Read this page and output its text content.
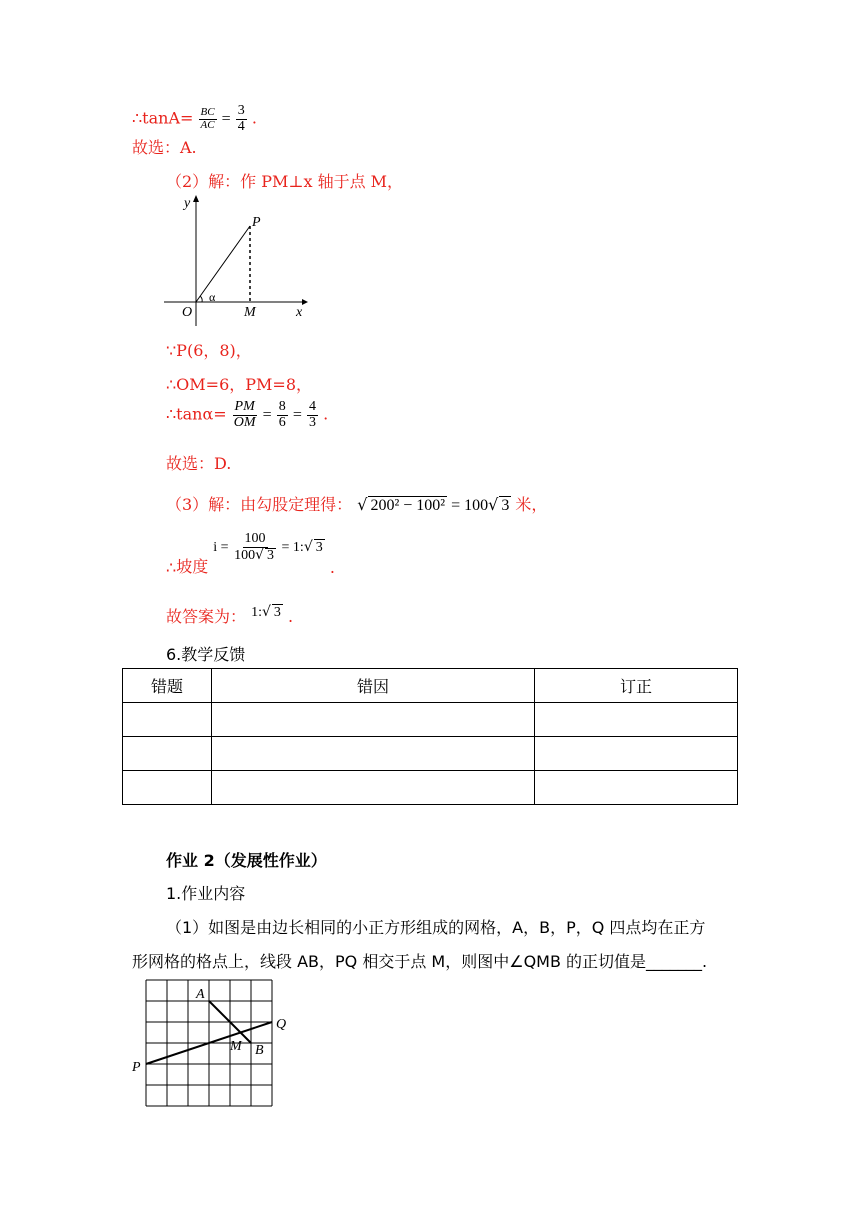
∴tanA= $\frac{BC}{AC} = \frac{3}{4}$ .
故选：A.
（2）解：作 PM⊥x 轴于点 M，
y
P
O	M	x
α
∵P(6，8)，
∴OM=6，PM=8，
∴tanα= $\frac{PM}{OM} = \frac{8}{6} = \frac{4}{3}$ .
故选：D.
（3）解：由勾股定理得： √ 200² − 100² = 100√ 3 米，
∴坡度 $i = \frac{100}{100√ 3}$ = 1:√ 3 .
故答案为： 1:√ 3 .
6.教学反馈
错题	错因	订正

作业 2（发展性作业）
1.作业内容
（1）如图是由边长相同的小正方形组成的网格，A，B，P，Q 四点均在正方
形网格的格点上，线段 AB，PQ 相交于点 M，则图中∠QMB 的正切值是_______.
A
B
M
P
Q
